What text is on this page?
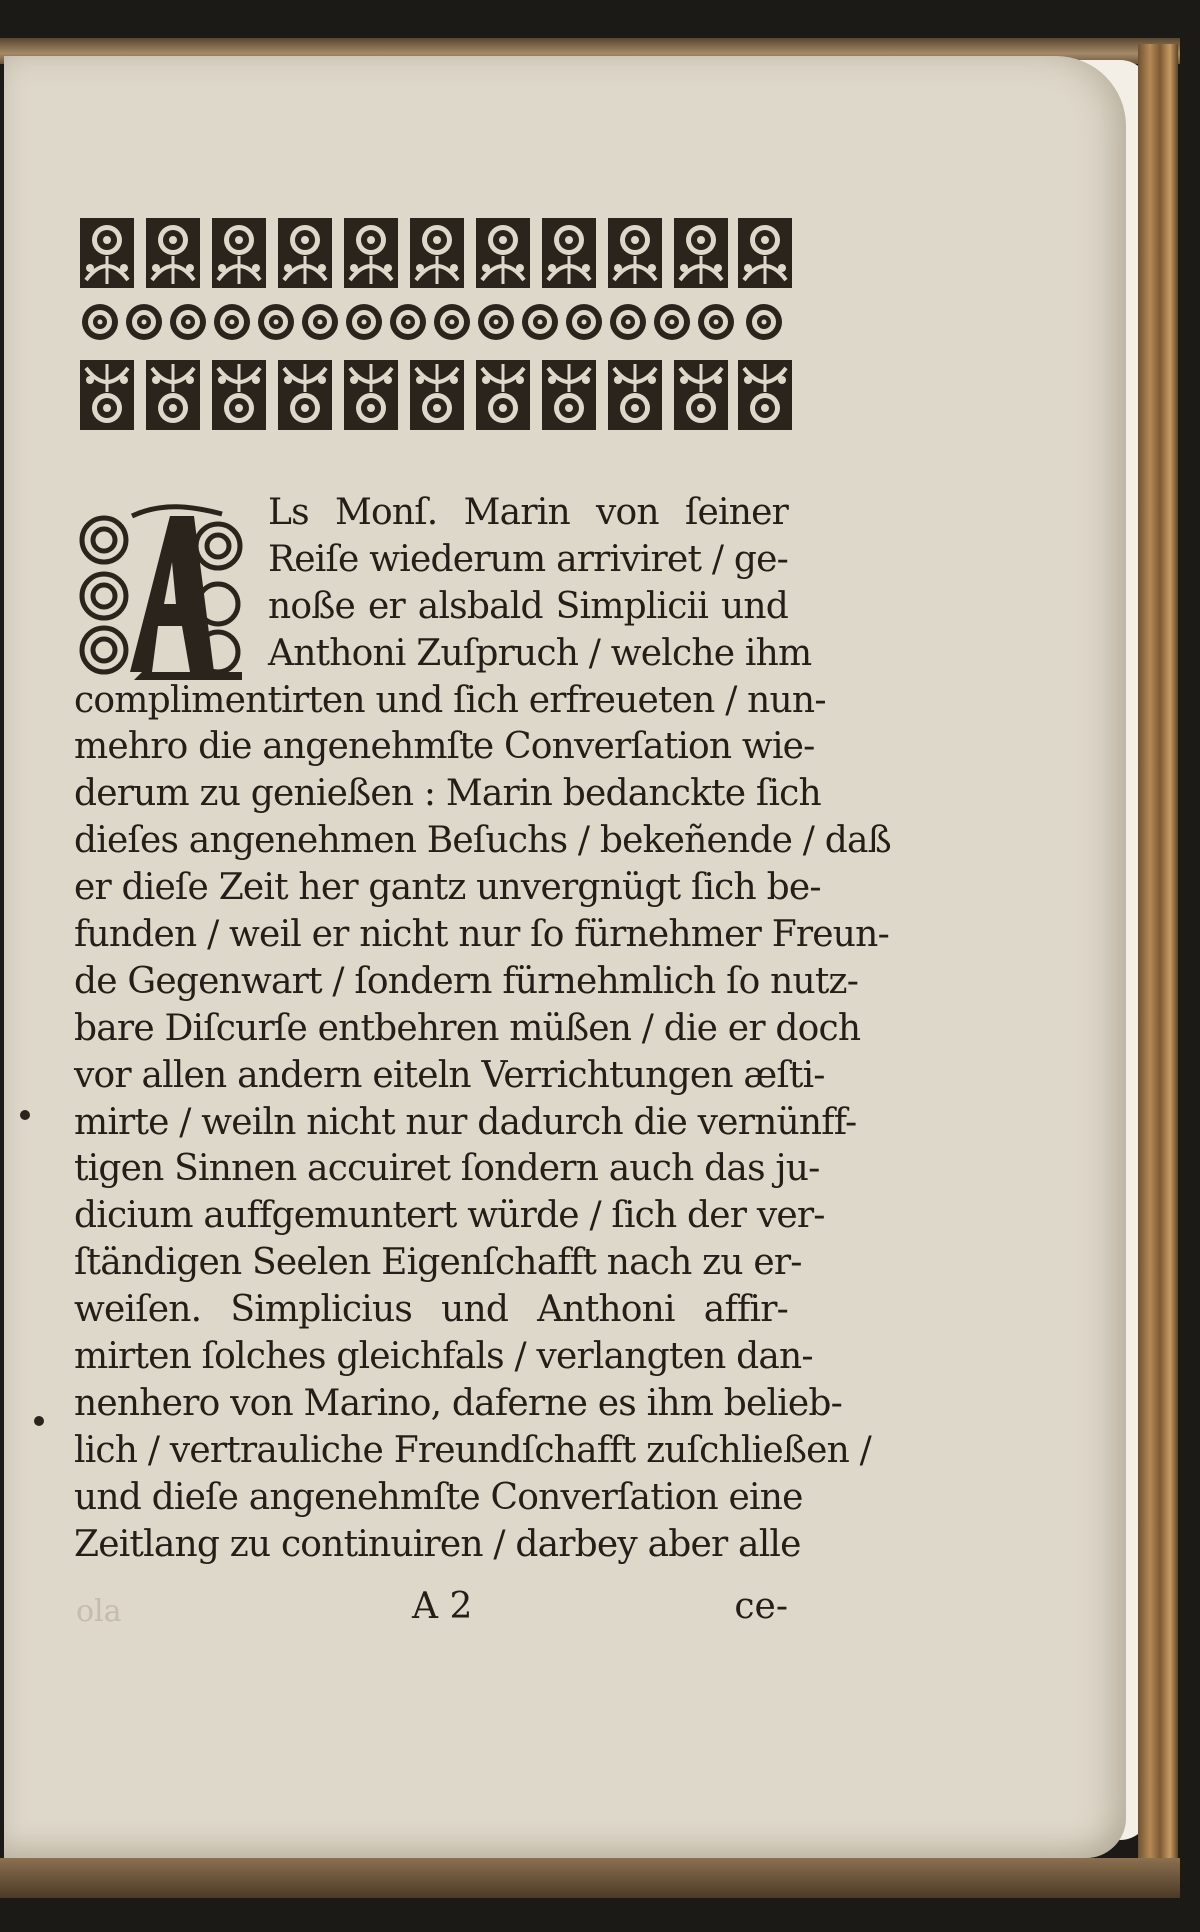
Ls Monſ. Marin von ſeiner
Reiſe wiederum arriviret / ge-
noße er alsbald Simplicii und
Anthoni Zuſpruch / welche ihm
complimentirten und ſich erfreueten / nun-
mehro die angenehmſte Converſation wie-
derum zu genießen : Marin bedanckte ſich
dieſes angenehmen Beſuchs / bekeñende / daß
er dieſe Zeit her gantz unvergnügt ſich be-
funden / weil er nicht nur ſo fürnehmer Freun-
de Gegenwart / ſondern fürnehmlich ſo nutz-
bare Diſcurſe entbehren müßen / die er doch
vor allen andern eiteln Verrichtungen æſti-
mirte / weiln nicht nur dadurch die vernünff-
tigen Sinnen accuiret ſondern auch das ju-
dicium auffgemuntert würde / ſich der ver-
ſtändigen Seelen Eigenſchafft nach zu er-
weiſen. Simplicius und Anthoni affir-
mirten ſolches gleichfals / verlangten dan-
nenhero von Marino, daferne es ihm belieb-
lich / vertrauliche Freundſchafft zuſchließen /
und dieſe angenehmſte Converſation eine
Zeitlang zu continuiren / darbey aber alle
ola	A 2	ce-
